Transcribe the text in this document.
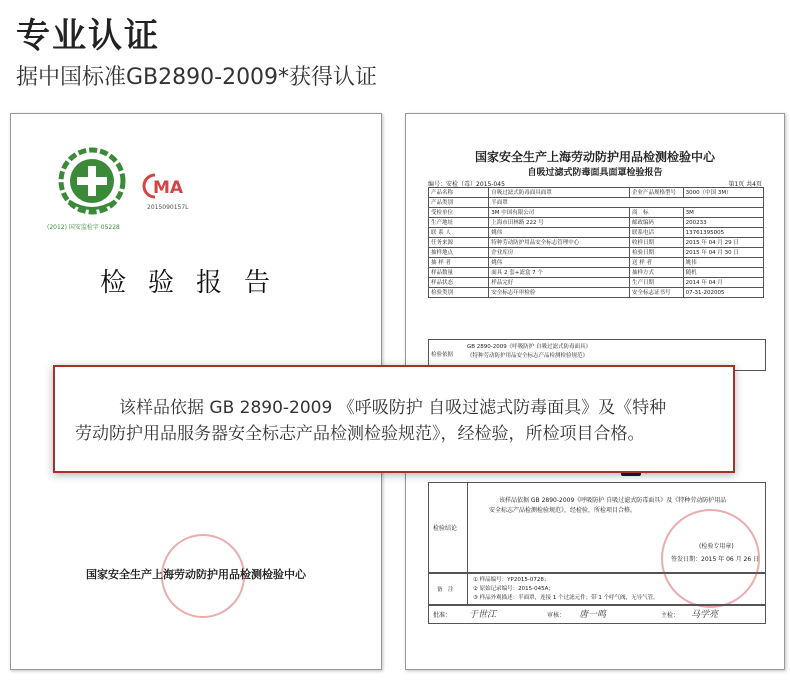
专业认证
据中国标准GB2890-2009*获得认证
(2012) 国安监检字 05228
MA
2015090157L
检验报告
国家安全生产上海劳动防护用品检测检验中心
国家安全生产上海劳动防护用品检测检验中心
自吸过滤式防毒面具面罩检验报告
编号：安检（毒）2015-045	第1页 共4页
产品名称	自吸过滤式防毒面具面罩	企业产品规格型号	3000（中国 3M）
产品类别	半面罩		
受检单位	3M 中国有限公司	商　标	3M
生产地址	上海市田林路 222 号	邮政编码	200233
联 系 人	姚伟	联系电话	13761395005
任务来源	特种劳动防护用品安全标志管理中心	收样日期	2015 年 04 月 29 日
抽样地点	企业库房	检验日期	2015 年 04 月 30 日
抽 样 者	姚伟	送 样 者	姚伟
样品数量	面具 2 套+滤盒 7 个	抽样方式	随机
样品状态	样品完好	生产日期	2014 年 04 月
检验类别	安全标志年审检验	安全标志证书号	07-31-202005
检验依据
GB 2890-2009《呼吸防护 自吸过滤式防毒面具》
《特种劳动防护用品安全标志产品检测检验规范》
检验结论
该样品依据 GB 2890-2009《呼吸防护 自吸过滤式防毒面具》及《特种劳动防护用品
安全标志产品检测检验规范》，经检验，所检项目合格。
(检验专用章)
签发日期：2015 年 06 月 26 日
备　注
① 样品编号：YP2015-0728；
② 原始记录编号：2015-045A；
③ 样品外观描述：半面罩，连接 1 个过滤元件；带 1 个呼气阀，无导气管。
批准： 于世江	审核： 唐一鸣	主检： 马学亮
该样品依据 GB 2890-2009 《呼吸防护 自吸过滤式防毒面具》及《特种
劳动防护用品服务器安全标志产品检测检验规范》，经检验，所检项目合格。
